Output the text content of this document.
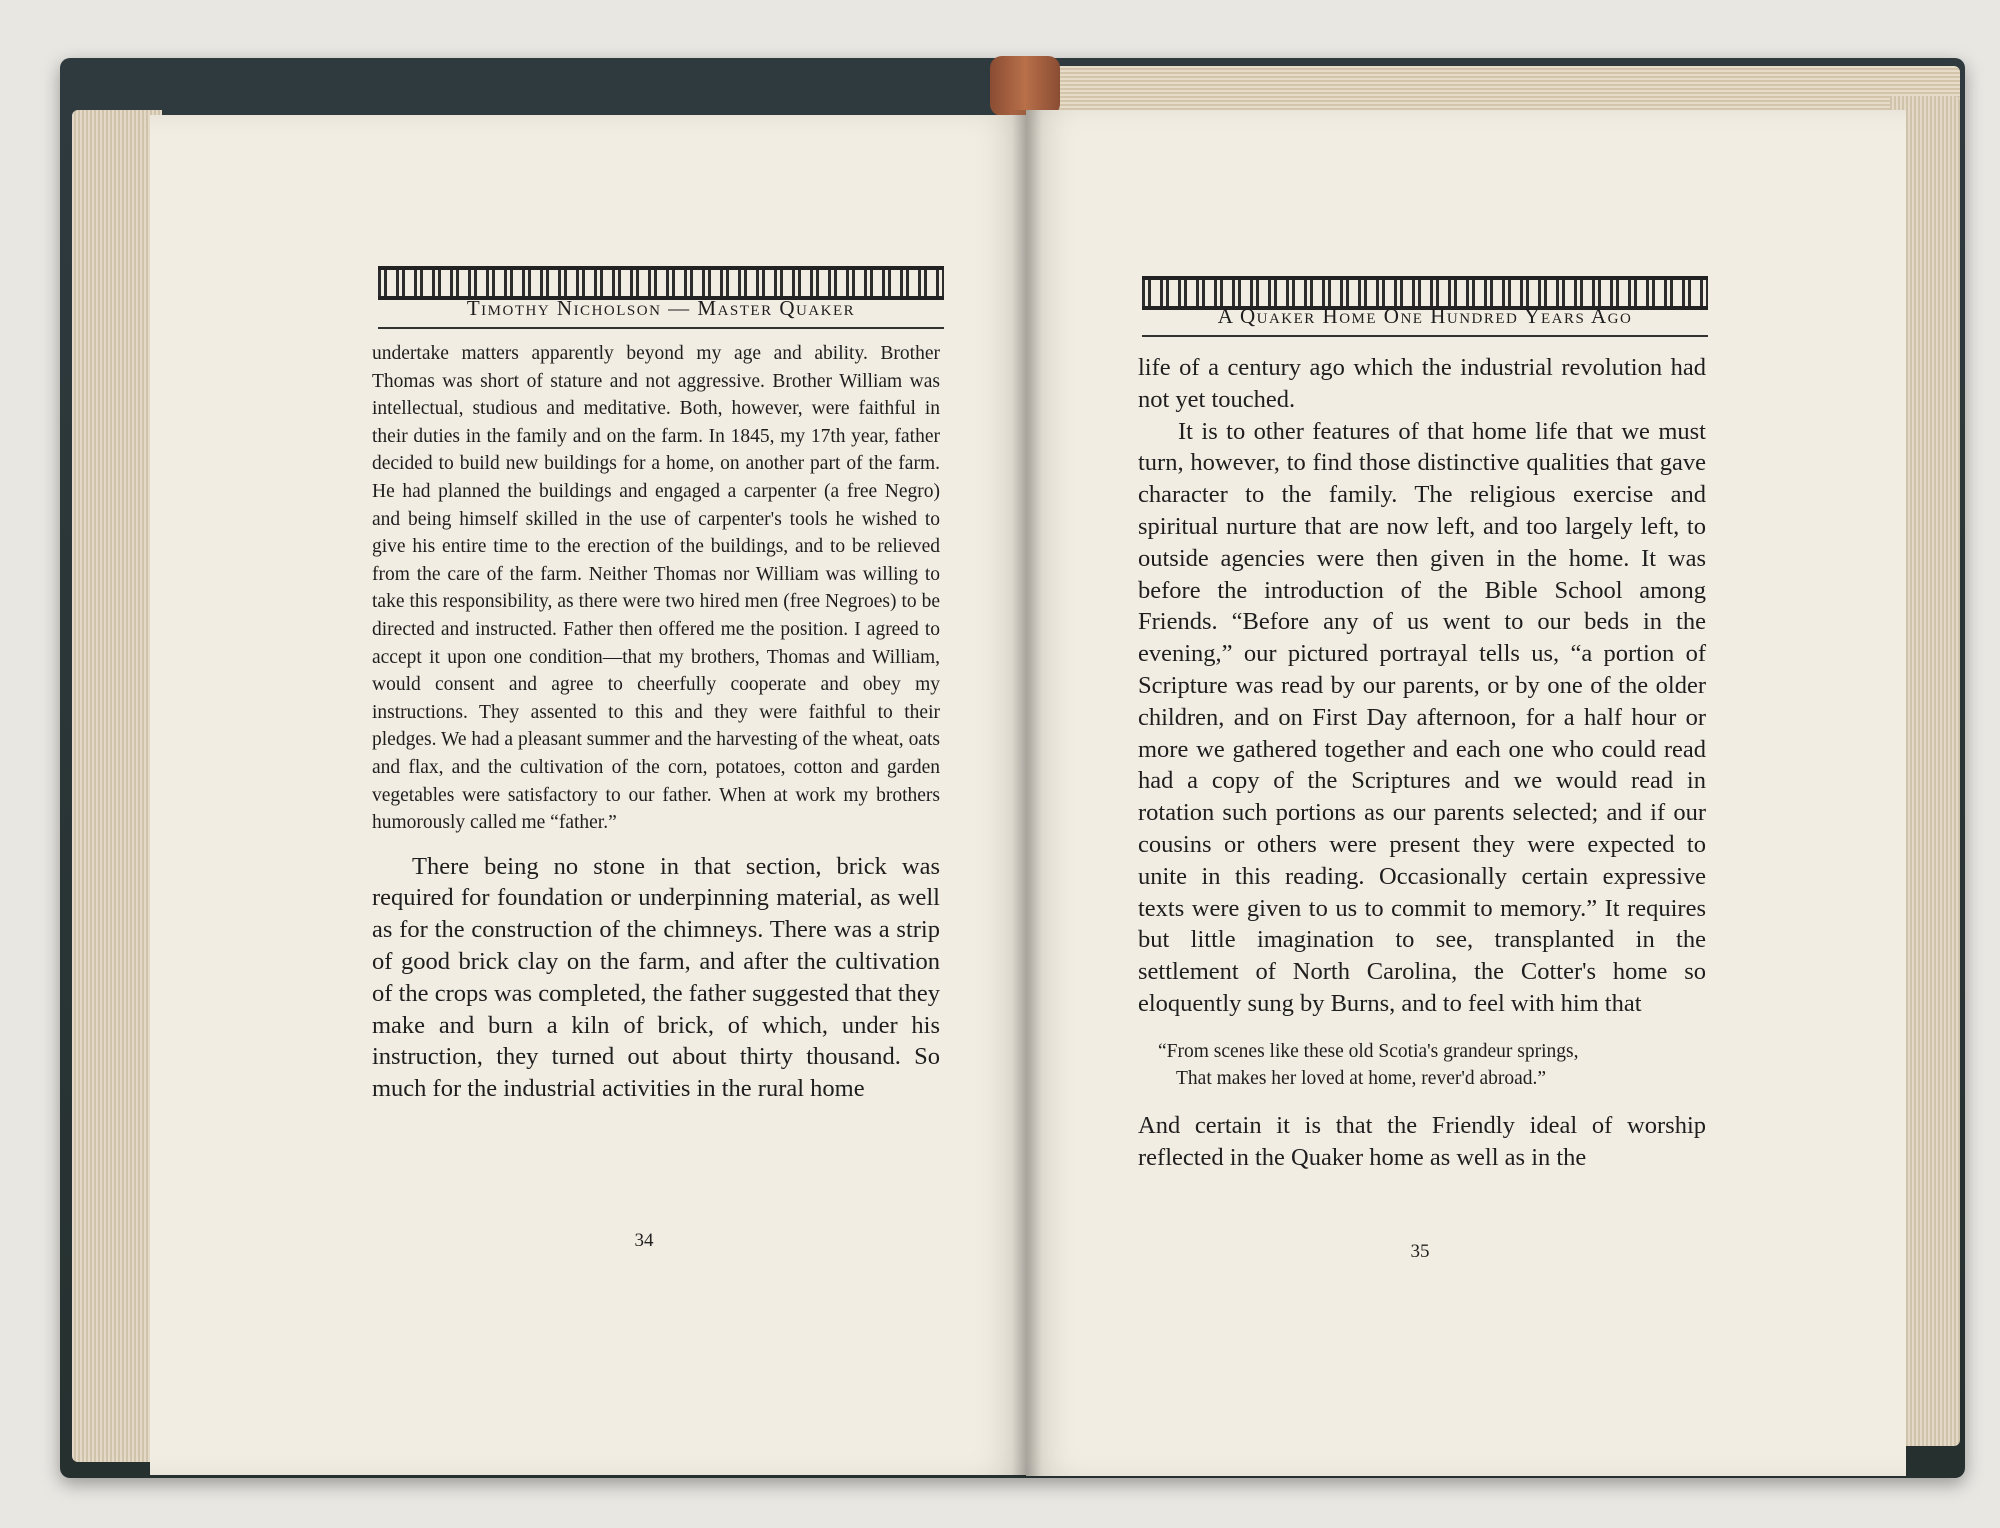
Timothy Nicholson — Master Quaker

undertake matters apparently beyond my age and ability. Brother Thomas was short of stature and not aggressive. Brother William was intellectual, studious and meditative. Both, however, were faithful in their duties in the family and on the farm. In 1845, my 17th year, father decided to build new buildings for a home, on another part of the farm. He had planned the buildings and engaged a carpenter (a free Negro) and being himself skilled in the use of carpenter's tools he wished to give his entire time to the erection of the buildings, and to be relieved from the care of the farm. Neither Thomas nor William was willing to take this responsibility, as there were two hired men (free Negroes) to be directed and instructed. Father then offered me the position. I agreed to accept it upon one condition—that my brothers, Thomas and William, would consent and agree to cheerfully cooperate and obey my instructions. They assented to this and they were faithful to their pledges. We had a pleasant summer and the harvesting of the wheat, oats and flax, and the cultivation of the corn, potatoes, cotton and garden vegetables were satisfactory to our father. When at work my brothers humorously called me “father.”

There being no stone in that section, brick was required for foundation or underpinning material, as well as for the construction of the chimneys. There was a strip of good brick clay on the farm, and after the cultivation of the crops was completed, the father suggested that they make and burn a kiln of brick, of which, under his instruction, they turned out about thirty thousand. So much for the industrial activities in the rural home

34
A Quaker Home One Hundred Years Ago

life of a century ago which the industrial revolution had not yet touched.

It is to other features of that home life that we must turn, however, to find those distinctive qualities that gave character to the family. The religious exercise and spiritual nurture that are now left, and too largely left, to outside agencies were then given in the home. It was before the introduction of the Bible School among Friends. “Before any of us went to our beds in the evening,” our pictured portrayal tells us, “a portion of Scripture was read by our parents, or by one of the older children, and on First Day afternoon, for a half hour or more we gathered together and each one who could read had a copy of the Scriptures and we would read in rotation such portions as our parents selected; and if our cousins or others were present they were expected to unite in this reading. Occasionally certain expressive texts were given to us to commit to memory.” It requires but little imagination to see, transplanted in the settlement of North Carolina, the Cotter's home so eloquently sung by Burns, and to feel with him that

“From scenes like these old Scotia's grandeur springs,
That makes her loved at home, rever'd abroad.”

And certain it is that the Friendly ideal of worship reflected in the Quaker home as well as in the

35
